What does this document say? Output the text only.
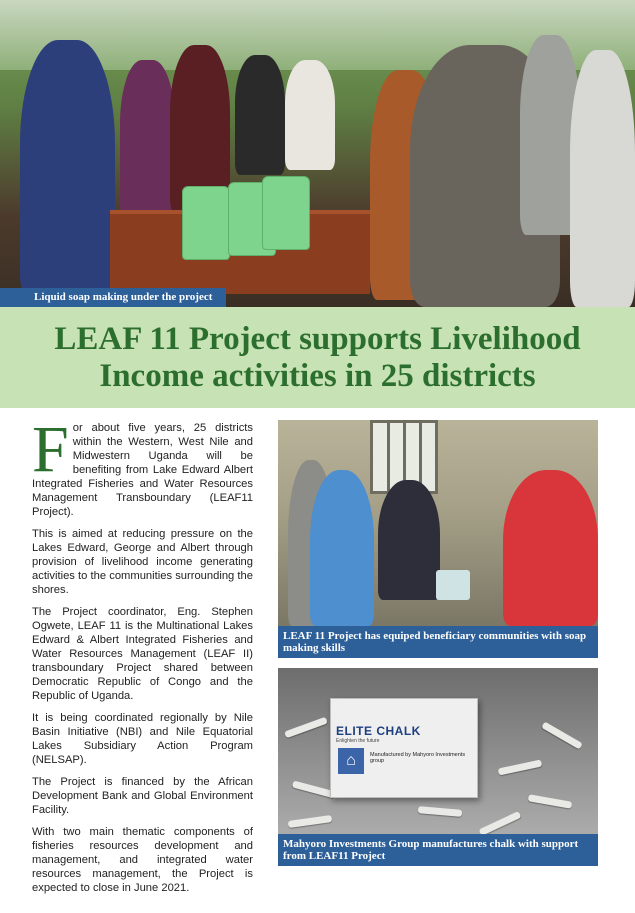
Liquid soap making under the project
LEAF 11 Project supports Livelihood
Income activities in 25 districts

For about five years, 25 districts within the Western, West Nile and Midwestern Uganda will be benefiting from Lake Edward Albert Integrated Fisheries and Water Resources Management Transboundary (LEAF11 Project).

This is aimed at reducing pressure on the Lakes Edward, George and Albert through provision of livelihood income generating activities to the communities surrounding the shores.

The Project coordinator, Eng. Stephen Ogwete, LEAF 11 is the Multinational Lakes Edward & Albert Integrated Fisheries and Water Resources Management (LEAF II) transboundary Project shared between Democratic Republic of Congo and the Republic of Uganda.

It is being coordinated regionally by Nile Basin Initiative (NBI) and Nile Equatorial Lakes Subsidiary Action Program (NELSAP).

The Project is financed by the African Development Bank and Global Environment Facility.

With two main thematic components of fisheries resources development and management, and integrated water resources management, the Project is expected to close in June 2021.

LEAF 11 Project has equiped beneficiary communities with soap making skills
ELITE CHALK
Enlighten the future
⌂	Manufactured by Mahyoro Investments group
Mahyoro Investments Group manufactures chalk with support from LEAF11 Project
